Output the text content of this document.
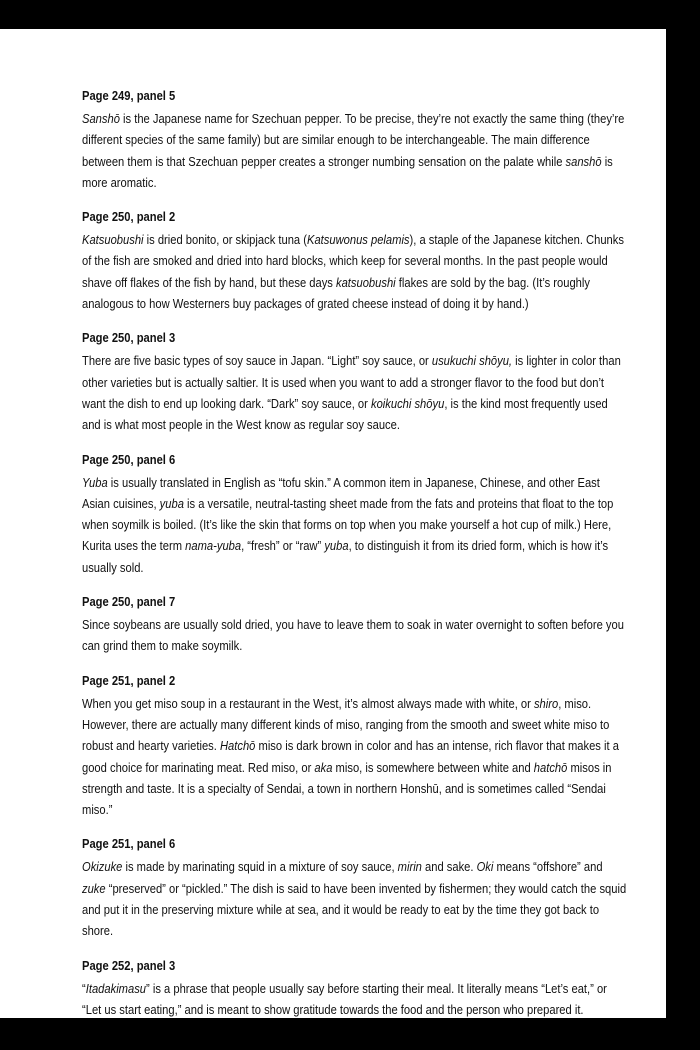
Page 249, panel 5

Sanshō is the Japanese name for Szechuan pepper. To be precise, they’re not exactly the same thing (they’re different species of the same family) but are similar enough to be interchangeable. The main difference between them is that Szechuan pepper creates a stronger numbing sensation on the palate while sanshō is more aromatic.

Page 250, panel 2

Katsuobushi is dried bonito, or skipjack tuna (Katsuwonus pelamis), a staple of the Japanese kitchen. Chunks of the fish are smoked and dried into hard blocks, which keep for several months. In the past people would shave off flakes of the fish by hand, but these days katsuobushi flakes are sold by the bag. (It’s roughly analogous to how Westerners buy packages of grated cheese instead of doing it by hand.)

Page 250, panel 3

There are five basic types of soy sauce in Japan. “Light” soy sauce, or usukuchi shōyu, is lighter in color than other varieties but is actually saltier. It is used when you want to add a stronger flavor to the food but don’t want the dish to end up looking dark. “Dark” soy sauce, or koikuchi shōyu, is the kind most frequently used and is what most people in the West know as regular soy sauce.

Page 250, panel 6

Yuba is usually translated in English as “tofu skin.” A common item in Japanese, Chinese, and other East Asian cuisines, yuba is a versatile, neutral-tasting sheet made from the fats and proteins that float to the top when soymilk is boiled. (It’s like the skin that forms on top when you make yourself a hot cup of milk.) Here, Kurita uses the term nama-yuba, “fresh” or “raw” yuba, to distinguish it from its dried form, which is how it’s usually sold.

Page 250, panel 7

Since soybeans are usually sold dried, you have to leave them to soak in water overnight to soften before you can grind them to make soymilk.

Page 251, panel 2

When you get miso soup in a restaurant in the West, it’s almost always made with white, or shiro, miso. However, there are actually many different kinds of miso, ranging from the smooth and sweet white miso to robust and hearty varieties. Hatchō miso is dark brown in color and has an intense, rich flavor that makes it a good choice for marinating meat. Red miso, or aka miso, is somewhere between white and hatchō misos in strength and taste. It is a specialty of Sendai, a town in northern Honshū, and is sometimes called “Sendai miso.”

Page 251, panel 6

Okizuke is made by marinating squid in a mixture of soy sauce, mirin and sake. Oki means “offshore” and zuke “preserved” or “pickled.” The dish is said to have been invented by fishermen; they would catch the squid and put it in the preserving mixture while at sea, and it would be ready to eat by the time they got back to shore.

Page 252, panel 3

“Itadakimasu” is a phrase that people usually say before starting their meal. It literally means “Let’s eat,” or “Let us start eating,” and is meant to show gratitude towards the food and the person who prepared it.
